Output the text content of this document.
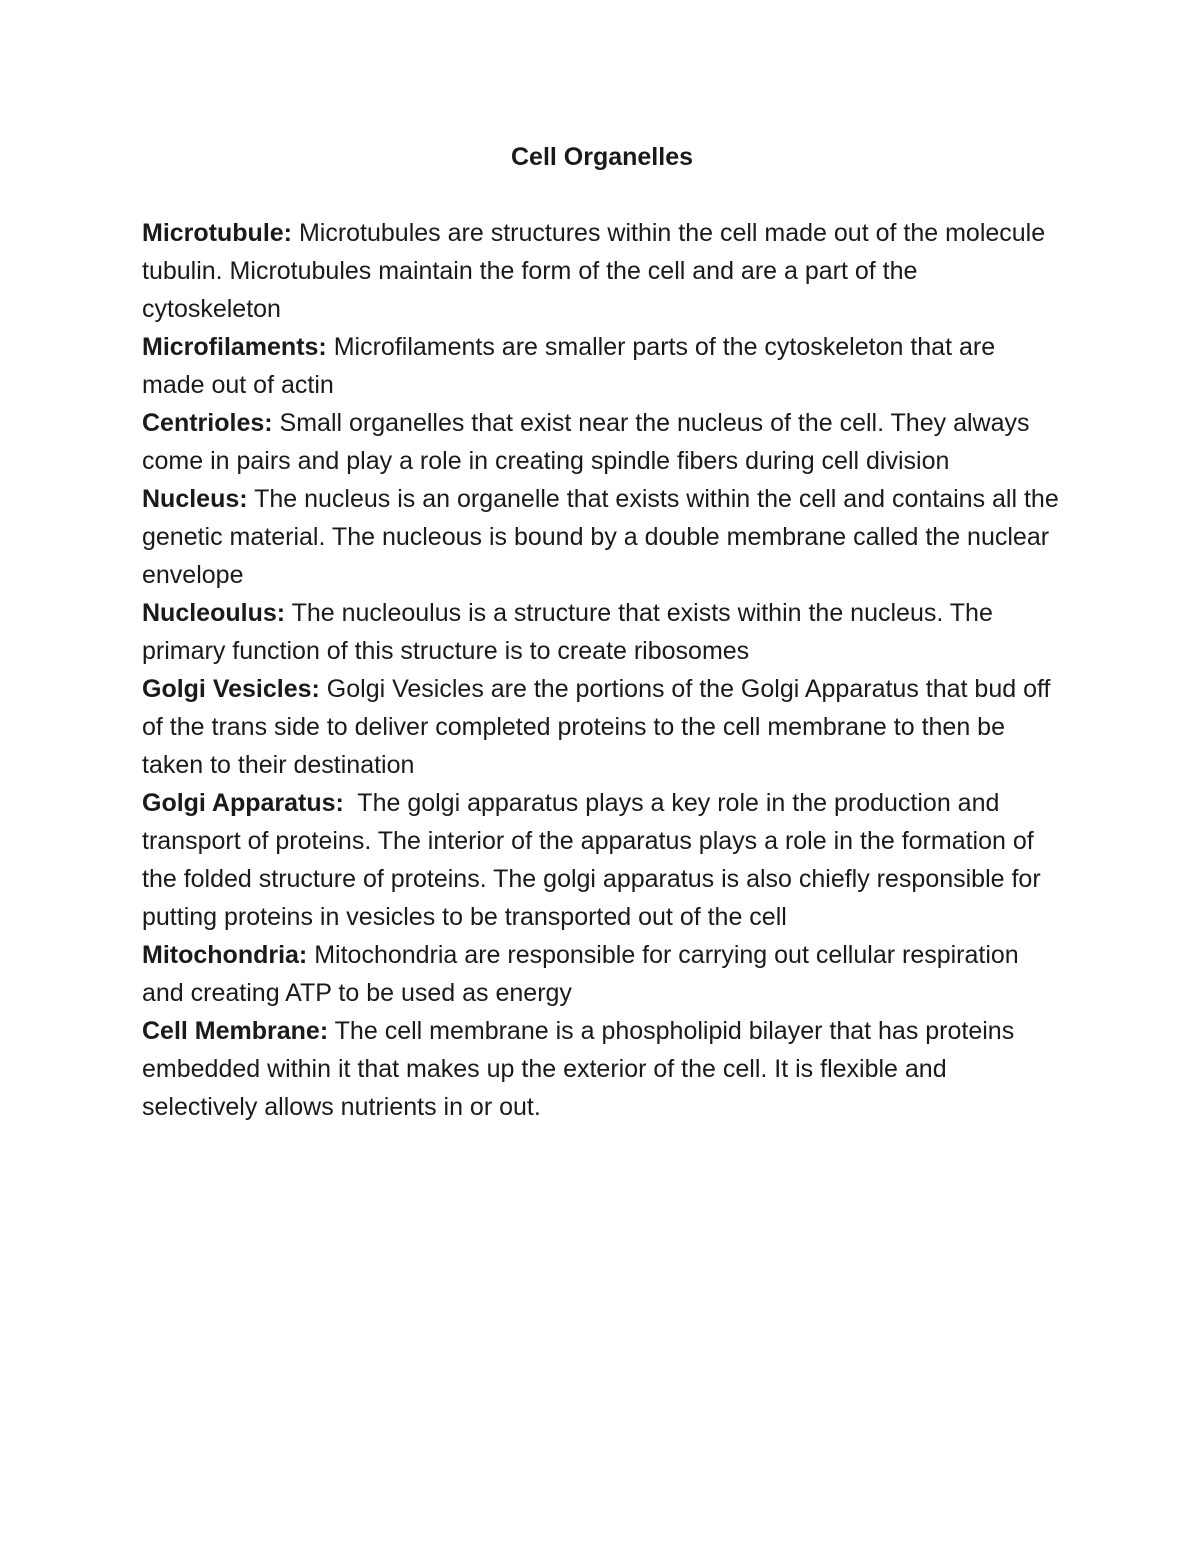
Cell Organelles

Microtubule: Microtubules are structures within the cell made out of the molecule tubulin. Microtubules maintain the form of the cell and are a part of the cytoskeleton

Microfilaments: Microfilaments are smaller parts of the cytoskeleton that are made out of actin

Centrioles: Small organelles that exist near the nucleus of the cell. They always come in pairs and play a role in creating spindle fibers during cell division

Nucleus: The nucleus is an organelle that exists within the cell and contains all the genetic material. The nucleous is bound by a double membrane called the nuclear envelope

Nucleoulus: The nucleoulus is a structure that exists within the nucleus. The primary function of this structure is to create ribosomes

Golgi Vesicles: Golgi Vesicles are the portions of the Golgi Apparatus that bud off of the trans side to deliver completed proteins to the cell membrane to then be taken to their destination

Golgi Apparatus:  The golgi apparatus plays a key role in the production and transport of proteins. The interior of the apparatus plays a role in the formation of the folded structure of proteins. The golgi apparatus is also chiefly responsible for putting proteins in vesicles to be transported out of the cell

Mitochondria: Mitochondria are responsible for carrying out cellular respiration and creating ATP to be used as energy

Cell Membrane: The cell membrane is a phospholipid bilayer that has proteins embedded within it that makes up the exterior of the cell. It is flexible and selectively allows nutrients in or out.
